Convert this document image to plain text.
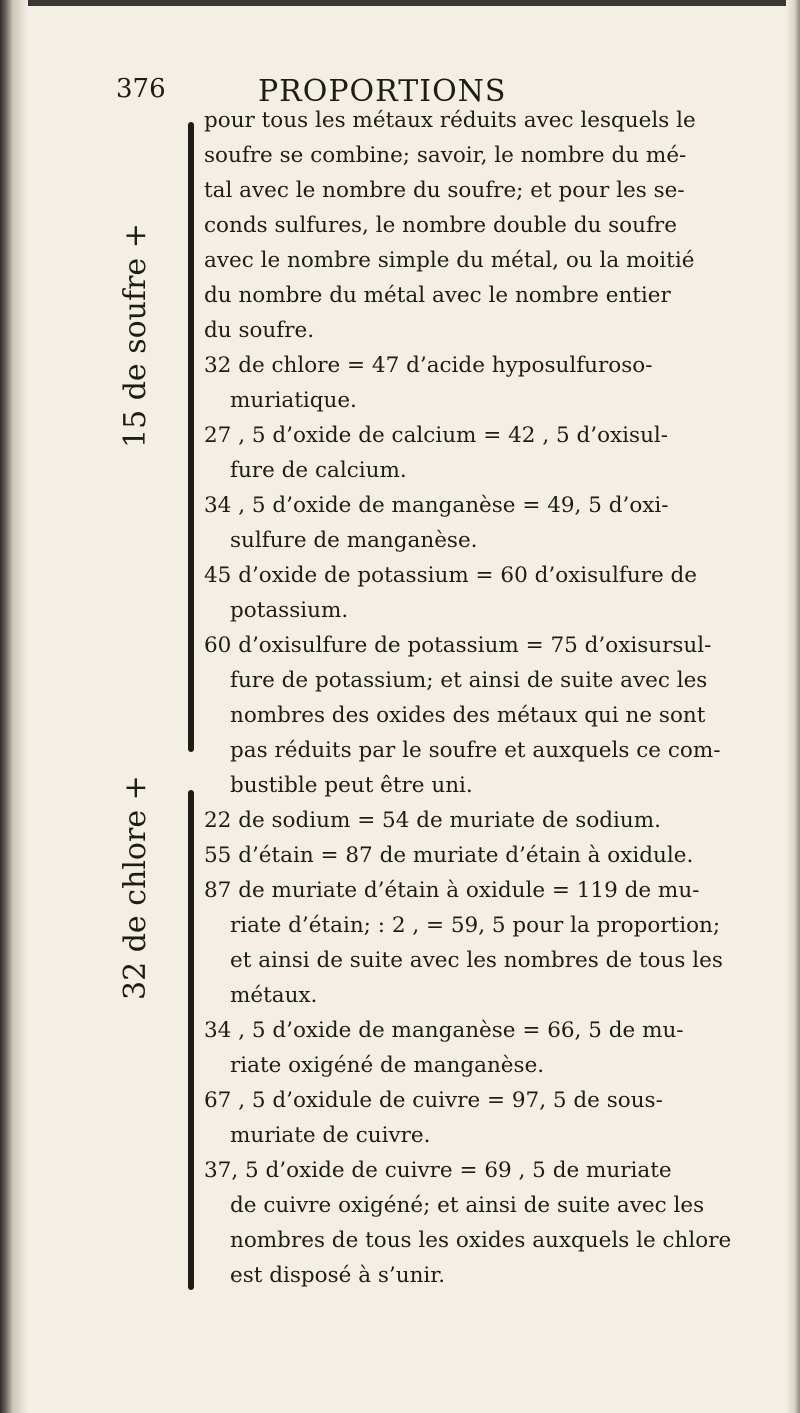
376	PROPORTIONS
15 de soufre +
32 de chlore +
pour tous les métaux réduits avec lesquels le
soufre se combine; savoir, le nombre du mé-
tal avec le nombre du soufre; et pour les se-
conds sulfures, le nombre double du soufre
avec le nombre simple du métal, ou la moitié
du nombre du métal avec le nombre entier
du soufre.
32 de chlore = 47 d’acide hyposulfuroso-
muriatique.
27 , 5 d’oxide de calcium = 42 , 5 d’oxisul-
fure de calcium.
34 , 5 d’oxide de manganèse = 49, 5 d’oxi-
sulfure de manganèse.
45 d’oxide de potassium = 60 d’oxisulfure de
potassium.
60 d’oxisulfure de potassium = 75 d’oxisursul-
fure de potassium; et ainsi de suite avec les
nombres des oxides des métaux qui ne sont
pas réduits par le soufre et auxquels ce com-
bustible peut être uni.
22 de sodium = 54 de muriate de sodium.
55 d’étain = 87 de muriate d’étain à oxidule.
87 de muriate d’étain à oxidule = 119 de mu-
riate d’étain; : 2 , = 59, 5 pour la proportion;
et ainsi de suite avec les nombres de tous les
métaux.
34 , 5 d’oxide de manganèse = 66, 5 de mu-
riate oxigéné de manganèse.
67 , 5 d’oxidule de cuivre = 97, 5 de sous-
muriate de cuivre.
37, 5 d’oxide de cuivre = 69 , 5 de muriate
de cuivre oxigéné; et ainsi de suite avec les
nombres de tous les oxides auxquels le chlore
est disposé à s’unir.
